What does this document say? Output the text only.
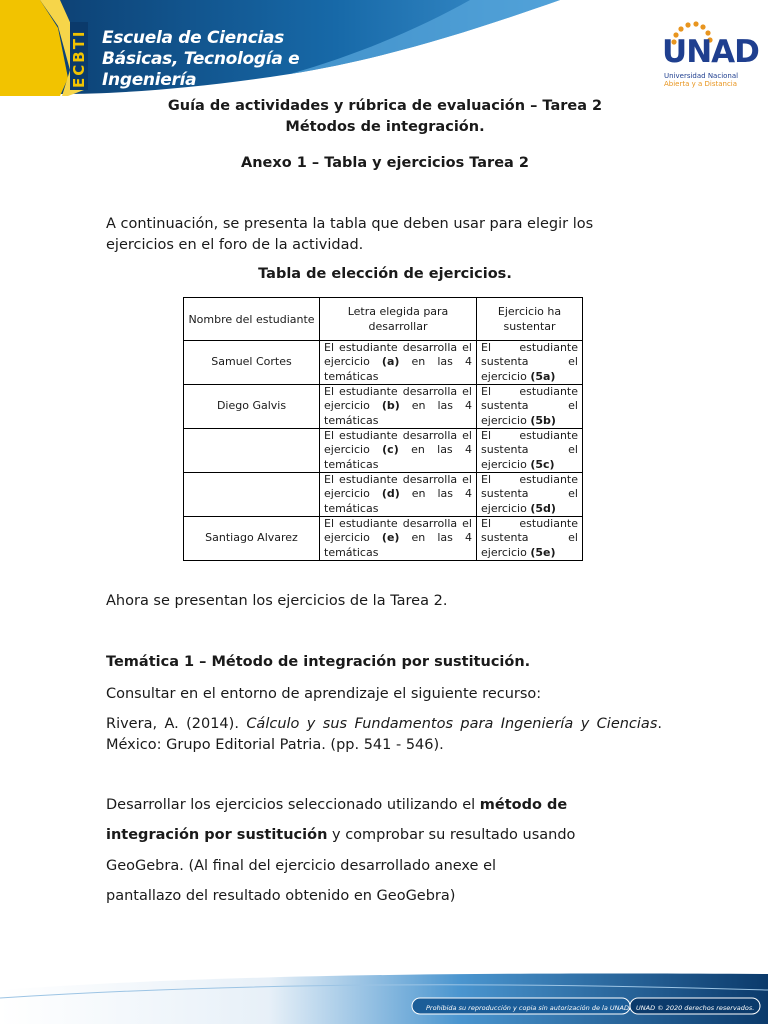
ECBTI Escuela de Ciencias
Básicas, Tecnología e
Ingeniería
UNAD
Universidad Nacional
Abierta y a Distancia
Guía de actividades y rúbrica de evaluación – Tarea 2
Métodos de integración.
Anexo 1 – Tabla y ejercicios Tarea 2
A continuación, se presenta la tabla que deben usar para elegir los ejercicios en el foro de la actividad.
Tabla de elección de ejercicios.
Nombre del estudiante	Letra elegida para desarrollar	Ejercicio ha sustentar
Samuel Cortes	El estudiante desarrolla el ejercicio (a) en las 4 temáticas	El estudiante sustenta el ejercicio (5a)
Diego Galvis	El estudiante desarrolla el ejercicio (b) en las 4 temáticas	El estudiante sustenta el ejercicio (5b)
	El estudiante desarrolla el ejercicio (c) en las 4 temáticas	El estudiante sustenta el ejercicio (5c)
	El estudiante desarrolla el ejercicio (d) en las 4 temáticas	El estudiante sustenta el ejercicio (5d)
Santiago Alvarez	El estudiante desarrolla el ejercicio (e) en las 4 temáticas	El estudiante sustenta el ejercicio (5e)
Ahora se presentan los ejercicios de la Tarea 2.
Temática 1 – Método de integración por sustitución.
Consultar en el entorno de aprendizaje el siguiente recurso:
Rivera, A. (2014). Cálculo y sus Fundamentos para Ingeniería y Ciencias. México: Grupo Editorial Patria. (pp. 541 - 546).
Desarrollar los ejercicios seleccionado utilizando el método de
integración por sustitución y comprobar su resultado usando
GeoGebra. (Al final del ejercicio desarrollado anexe el
pantallazo del resultado obtenido en GeoGebra)
Prohibida su reproducción y copia sin autorización de la UNAD. UNAD © 2020 derechos reservados.
